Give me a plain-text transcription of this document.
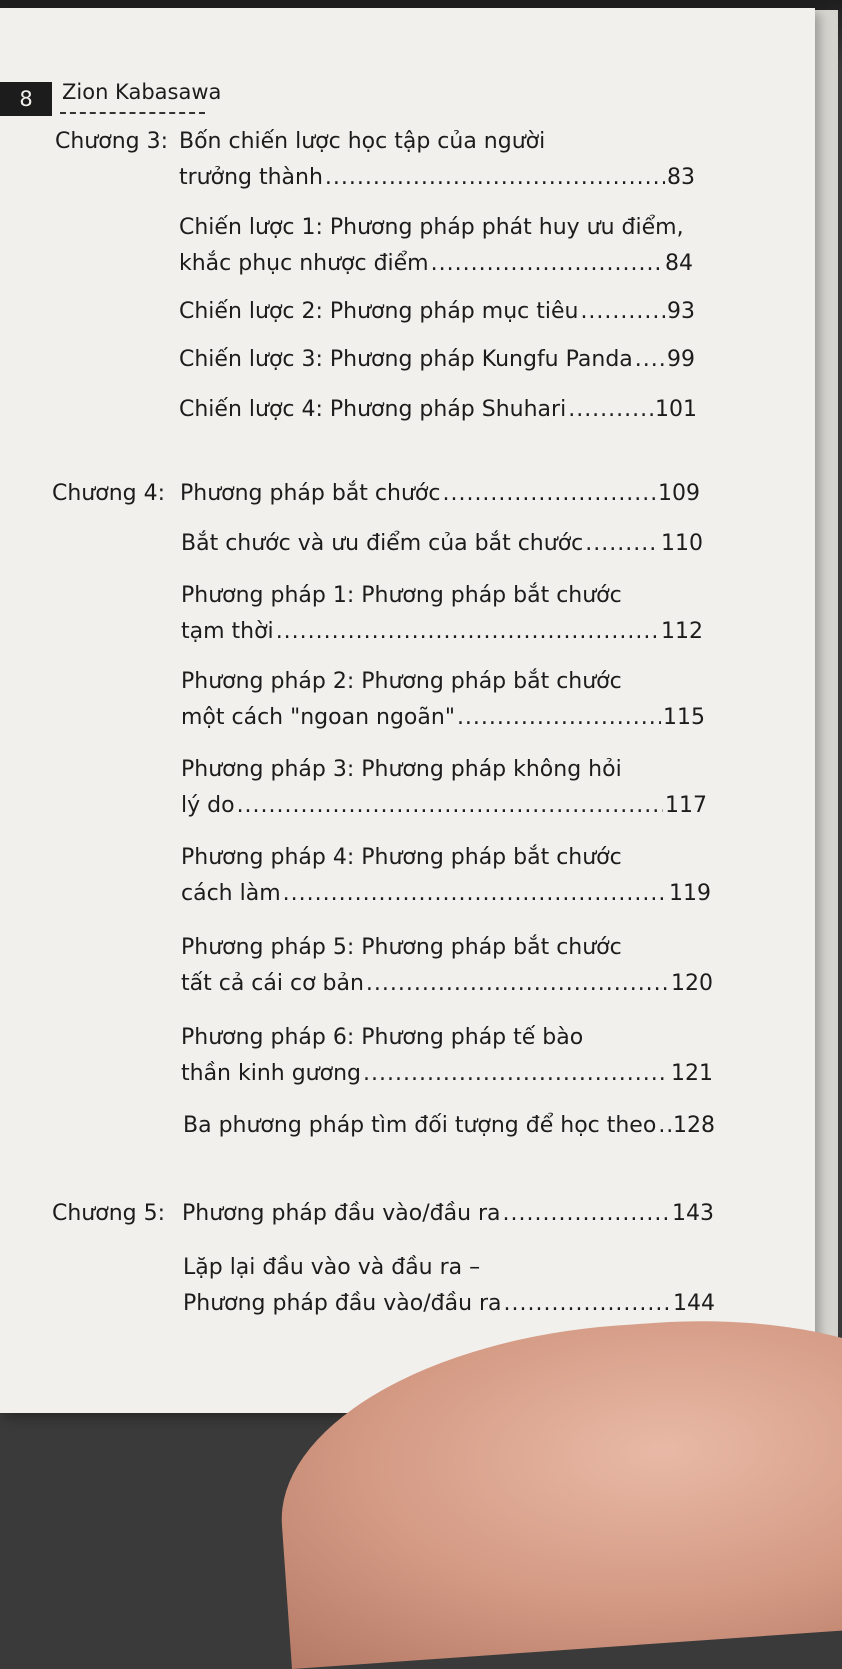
8	Zion Kabasawa
Chương 3: Bốn chiến lược học tập của người
trưởng thành .....	83
Chiến lược 1: Phương pháp phát huy ưu điểm,
khắc phục nhược điểm .....	84
Chiến lược 2: Phương pháp mục tiêu .....	93
Chiến lược 3: Phương pháp Kungfu Panda ..... 99
Chiến lược 4: Phương pháp Shuhari .....	101
Chương 4: Phương pháp bắt chước .....	109
Bắt chước và ưu điểm của bắt chước .....	110
Phương pháp 1: Phương pháp bắt chước
tạm thời .....	112
Phương pháp 2: Phương pháp bắt chước
một cách "ngoan ngoãn" .....	115
Phương pháp 3: Phương pháp không hỏi
lý do .....	117
Phương pháp 4: Phương pháp bắt chước
cách làm .....	119
Phương pháp 5: Phương pháp bắt chước
tất cả cái cơ bản .....	120
Phương pháp 6: Phương pháp tế bào
thần kinh gương .....	121
Ba phương pháp tìm đối tượng để học theo ..... 128
Chương 5: Phương pháp đầu vào/đầu ra .....	143
Lặp lại đầu vào và đầu ra –
Phương pháp đầu vào/đầu ra .....	144
